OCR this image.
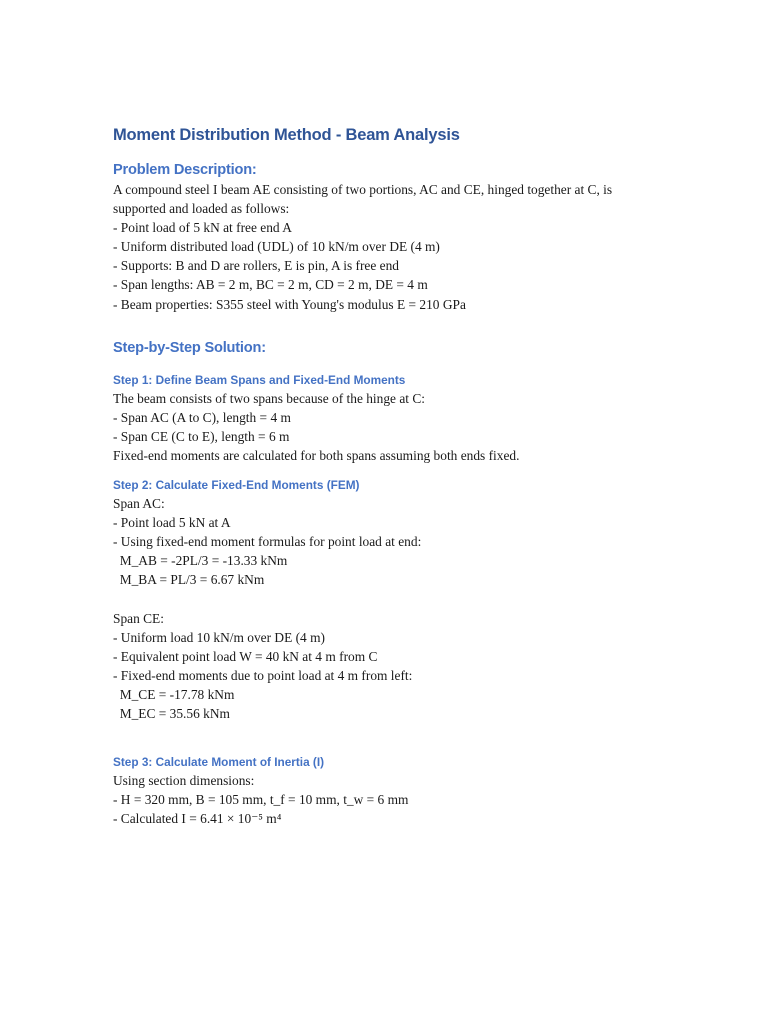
Moment Distribution Method - Beam Analysis
Problem Description:
A compound steel I beam AE consisting of two portions, AC and CE, hinged together at C, is
supported and loaded as follows:
- Point load of 5 kN at free end A
- Uniform distributed load (UDL) of 10 kN/m over DE (4 m)
- Supports: B and D are rollers, E is pin, A is free end
- Span lengths: AB = 2 m, BC = 2 m, CD = 2 m, DE = 4 m
- Beam properties: S355 steel with Young's modulus E = 210 GPa
Step-by-Step Solution:
Step 1: Define Beam Spans and Fixed-End Moments
The beam consists of two spans because of the hinge at C:
- Span AC (A to C), length = 4 m
- Span CE (C to E), length = 6 m
Fixed-end moments are calculated for both spans assuming both ends fixed.
Step 2: Calculate Fixed-End Moments (FEM)
Span AC:
- Point load 5 kN at A
- Using fixed-end moment formulas for point load at end:
M_AB = -2PL/3 = -13.33 kNm
M_BA = PL/3 = 6.67 kNm
Span CE:
- Uniform load 10 kN/m over DE (4 m)
- Equivalent point load W = 40 kN at 4 m from C
- Fixed-end moments due to point load at 4 m from left:
M_CE = -17.78 kNm
M_EC = 35.56 kNm
Step 3: Calculate Moment of Inertia (I)
Using section dimensions:
- H = 320 mm, B = 105 mm, t_f = 10 mm, t_w = 6 mm
- Calculated I = 6.41 × 10⁻⁵ m⁴
